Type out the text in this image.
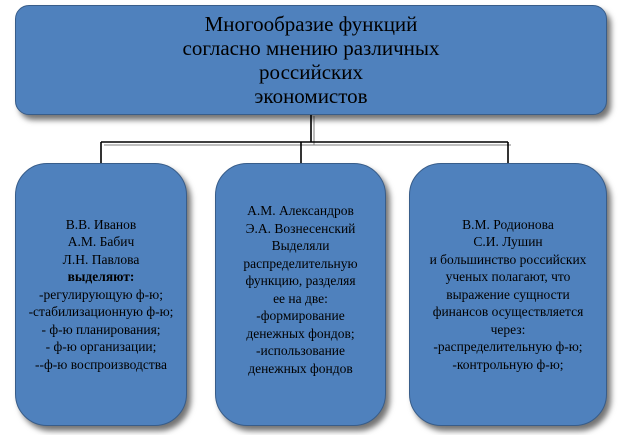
Многообразие функций
согласно мнению различных
российских
экономистов
В.В. Иванов
А.М. Бабич
Л.Н. Павлова
выделяют:
-регулирующую ф-ю;
-стабилизационную ф-ю;
- ф-ю планирования;
- ф-ю организации;
--ф-ю воспроизводства
А.М. Александров
Э.А. Вознесенский
Выделяли
распределительную
функцию, разделяя
ее на две:
-формирование
денежных фондов;
-использование
денежных фондов
В.М. Родионова
С.И. Лушин
и большинство российских
ученых полагают, что
выражение сущности
финансов осуществляется
через:
-распределительную ф-ю;
-контрольную ф-ю;
